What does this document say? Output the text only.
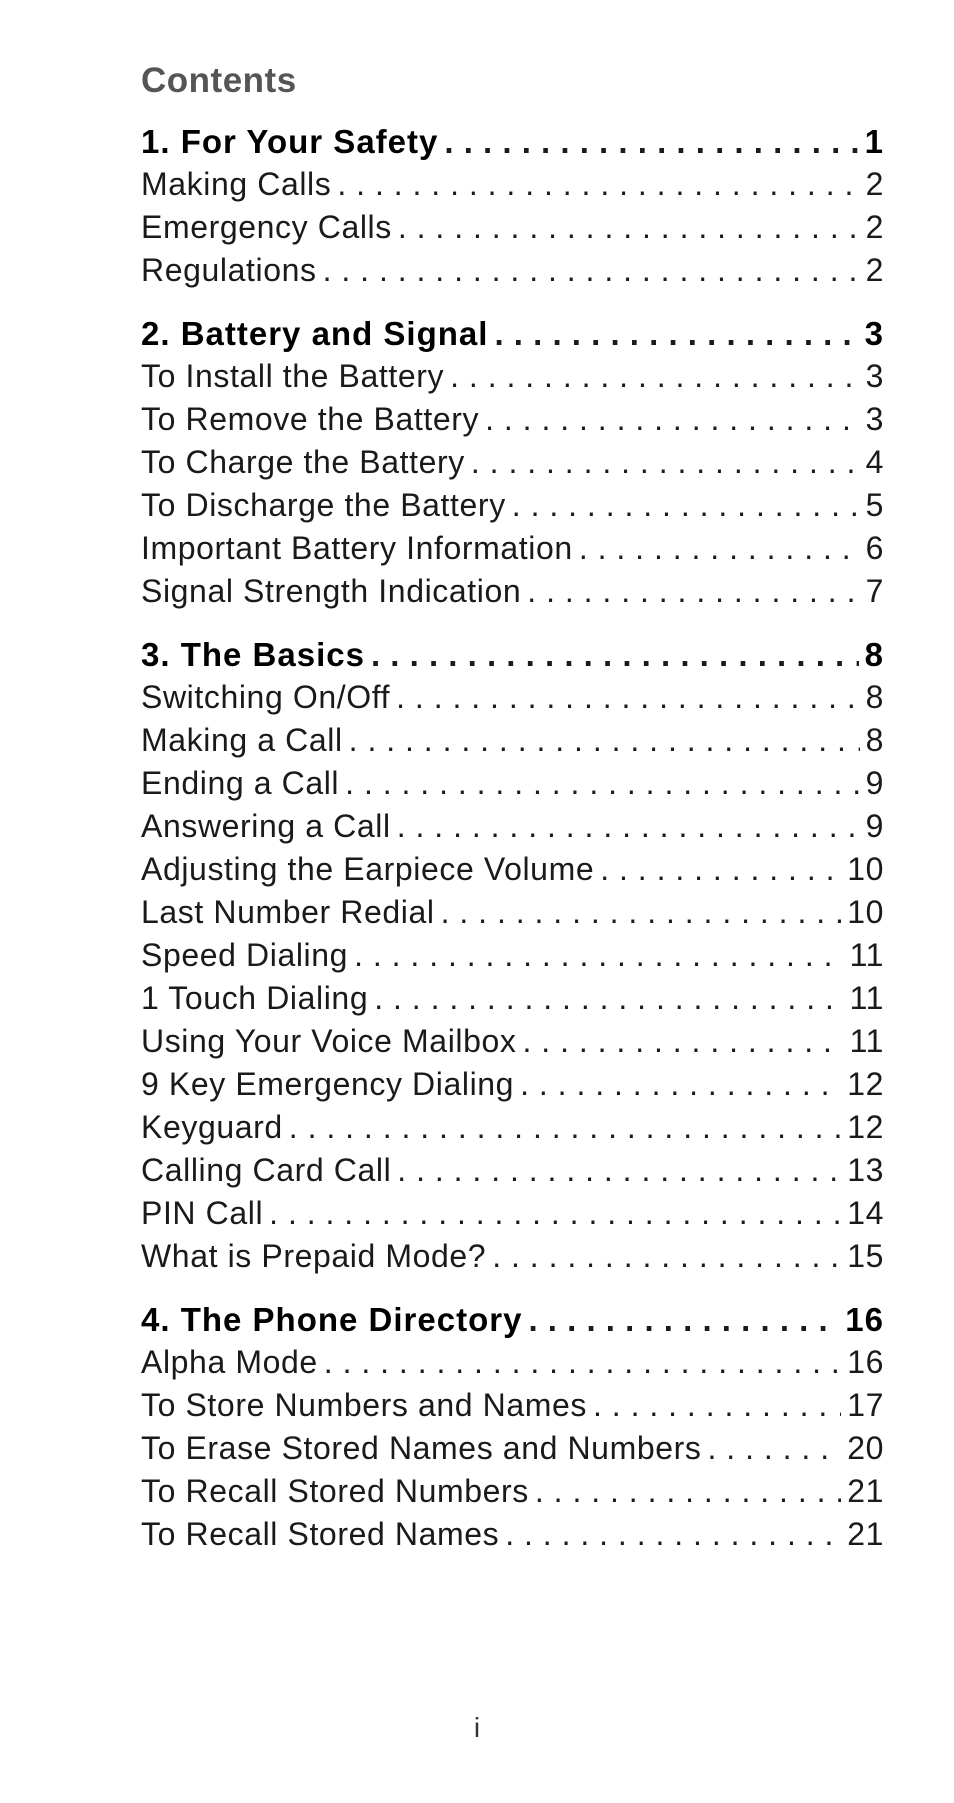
Contents
1. For Your Safety . . .	1
Making Calls . . .	2
Emergency Calls . . .	2
Regulations . . .	2
2. Battery and Signal . . .	3
To Install the Battery . . .	3
To Remove the Battery . . .	3
To Charge the Battery . . .	4
To Discharge the Battery . . .	5
Important Battery Information . . .	6
Signal Strength Indication . . .	7
3. The Basics . . .	8
Switching On/Off . . .	8
Making a Call . . .	8
Ending a Call . . .	9
Answering a Call . . .	9
Adjusting the Earpiece Volume . . .	10
Last Number Redial . . .	10
Speed Dialing . . .	11
1 Touch Dialing . . .	11
Using Your Voice Mailbox . . .	11
9 Key Emergency Dialing . . .	12
Keyguard . . .	12
Calling Card Call . . .	13
PIN Call . . .	14
What is Prepaid Mode? . . .	15
4. The Phone Directory . . .	16
Alpha Mode . . .	16
To Store Numbers and Names . . .	17
To Erase Stored Names and Numbers . . .	20
To Recall Stored Numbers . . .	21
To Recall Stored Names . . .	21
i
